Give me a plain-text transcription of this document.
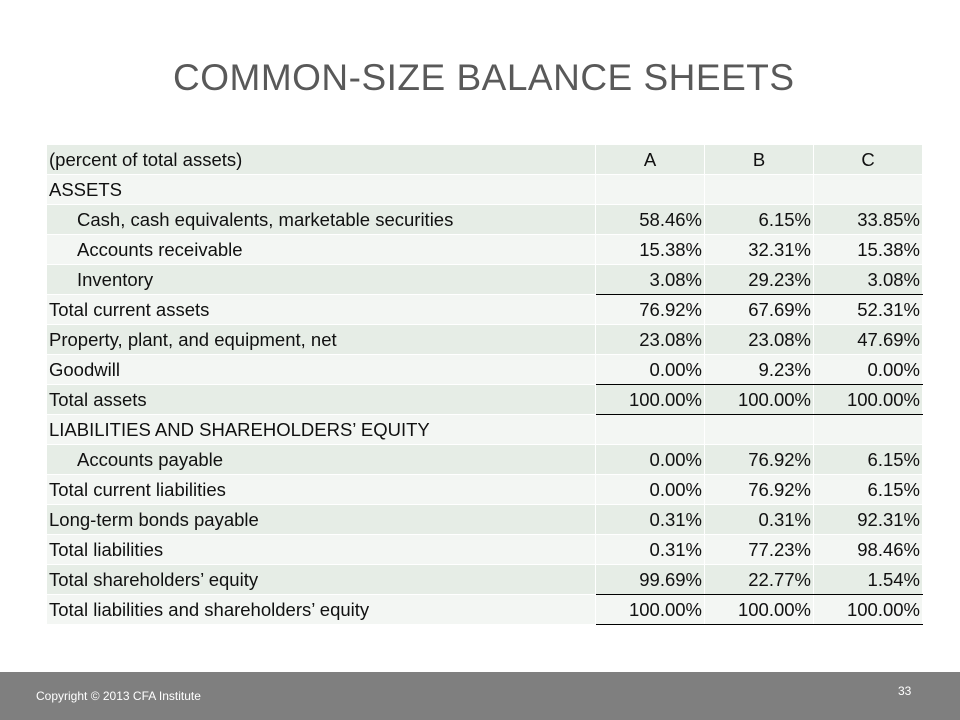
COMMON-SIZE BALANCE SHEETS
(percent of total assets)	A	B	C
ASSETS			
Cash, cash equivalents, marketable securities	58.46%	6.15%	33.85%
Accounts receivable	15.38%	32.31%	15.38%
Inventory	3.08%	29.23%	3.08%
Total current assets	76.92%	67.69%	52.31%
Property, plant, and equipment, net	23.08%	23.08%	47.69%
Goodwill	0.00%	9.23%	0.00%
Total assets	100.00%	100.00%	100.00%
LIABILITIES AND SHAREHOLDERS’ EQUITY			
Accounts payable	0.00%	76.92%	6.15%
Total current liabilities	0.00%	76.92%	6.15%
Long-term bonds payable	0.31%	0.31%	92.31%
Total liabilities	0.31%	77.23%	98.46%
Total shareholders’ equity	99.69%	22.77%	1.54%
Total liabilities and shareholders’ equity	100.00%	100.00%	100.00%
Copyright © 2013 CFA Institute	33
